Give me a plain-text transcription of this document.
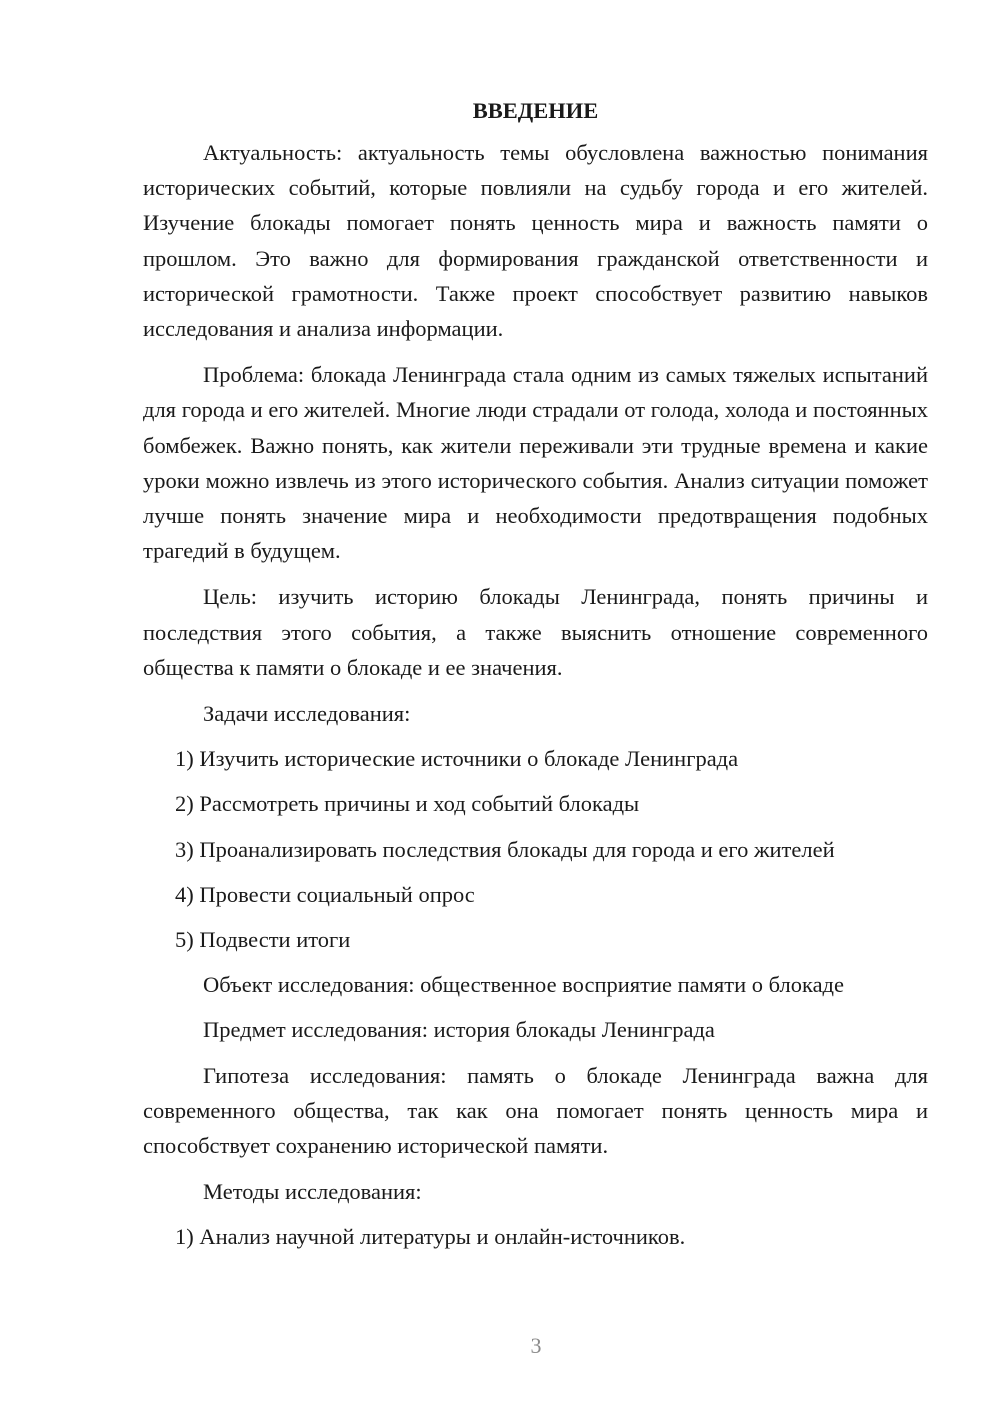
ВВЕДЕНИЕ

Актуальность: актуальность темы обусловлена важностью понимания исторических событий, которые повлияли на судьбу города и его жителей. Изучение блокады помогает понять ценность мира и важность памяти о прошлом. Это важно для формирования гражданской ответственности и исторической грамотности. Также проект способствует развитию навыков исследования и анализа информации.

Проблема: блокада Ленинграда стала одним из самых тяжелых испытаний для города и его жителей. Многие люди страдали от голода, холода и постоянных бомбежек. Важно понять, как жители переживали эти трудные времена и какие уроки можно извлечь из этого исторического события. Анализ ситуации поможет лучше понять значение мира и необходимости предотвращения подобных трагедий в будущем.

Цель: изучить историю блокады Ленинграда, понять причины и последствия этого события, а также выяснить отношение современного общества к памяти о блокаде и ее значения.

Задачи исследования:
1) Изучить исторические источники о блокаде Ленинграда
2) Рассмотреть причины и ход событий блокады
3) Проанализировать последствия блокады для города и его жителей
4) Провести социальный опрос
5) Подвести итоги
Объект исследования: общественное восприятие памяти о блокаде
Предмет исследования: история блокады Ленинграда

Гипотеза исследования: память о блокаде Ленинграда важна для современного общества, так как она помогает понять ценность мира и способствует сохранению исторической памяти.

Методы исследования:
1) Анализ научной литературы и онлайн-источников.
3
